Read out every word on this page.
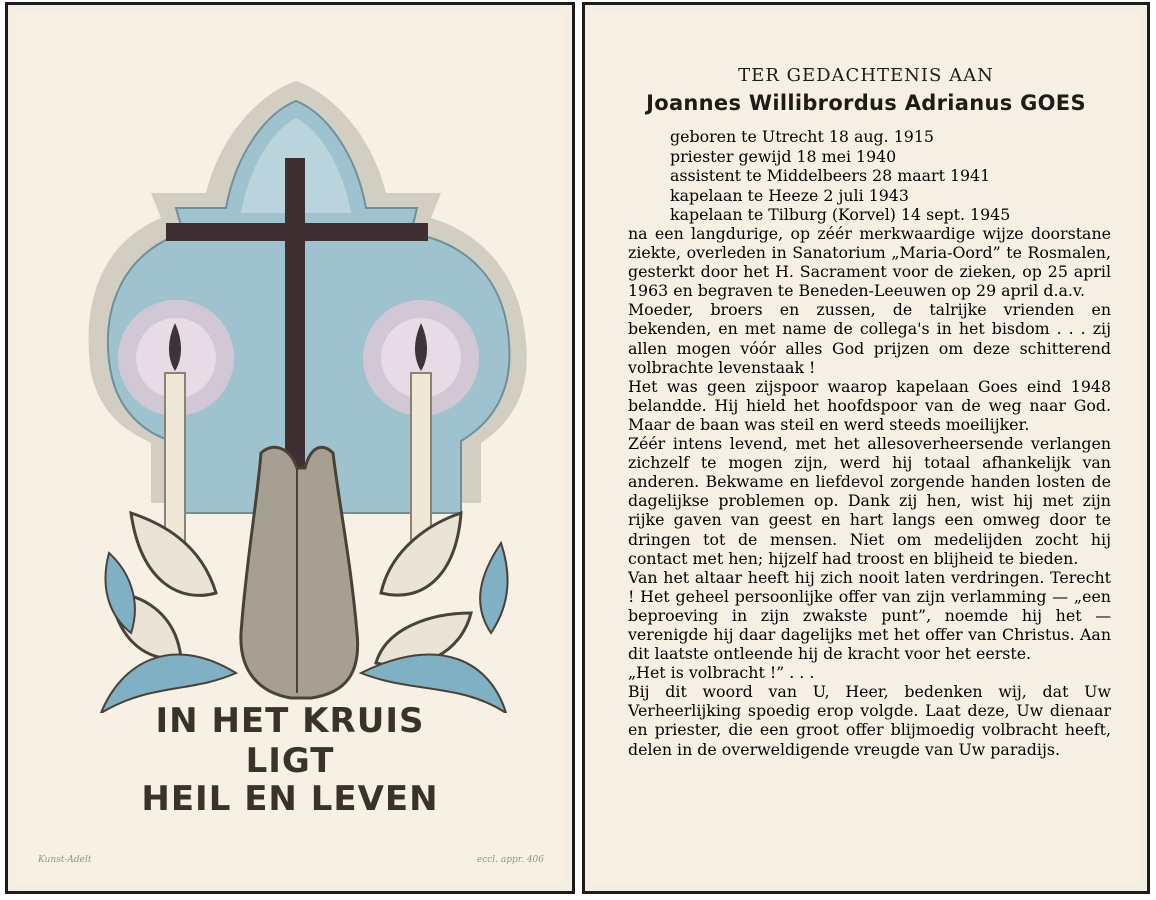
IN HET KRUIS
LIGT
HEIL EN LEVEN
Kunst-Adelt	eccl. appr. 406
TER GEDACHTENIS AAN
Joannes Willibrordus Adrianus GOES
geboren te Utrecht 18 aug. 1915
priester gewijd 18 mei 1940
assistent te Middelbeers 28 maart 1941
kapelaan te Heeze 2 juli 1943
kapelaan te Tilburg (Korvel) 14 sept. 1945

na een langdurige, op zéér merkwaardige wijze doorstane ziekte, overleden in Sanatorium „Maria-Oord” te Rosmalen, gesterkt door het H. Sacrament voor de zieken, op 25 april 1963 en begraven te Beneden-Leeuwen op 29 april d.a.v.

Moeder, broers en zussen, de talrijke vrienden en bekenden, en met name de collega's in het bisdom . . . zij allen mogen vóór alles God prijzen om deze schitterend volbrachte levenstaak !

Het was geen zijspoor waarop kapelaan Goes eind 1948 belandde. Hij hield het hoofdspoor van de weg naar God. Maar de baan was steil en werd steeds moeilijker.

Zéér intens levend, met het allesoverheersende verlangen zichzelf te mogen zijn, werd hij totaal afhankelijk van anderen. Bekwame en liefdevol zorgende handen losten de dagelijkse problemen op. Dank zij hen, wist hij met zijn rijke gaven van geest en hart langs een omweg door te dringen tot de mensen. Niet om medelijden zocht hij contact met hen; hijzelf had troost en blijheid te bieden.

Van het altaar heeft hij zich nooit laten verdringen. Terecht ! Het geheel persoonlijke offer van zijn verlamming — „een beproeving in zijn zwakste punt”, noemde hij het — verenigde hij daar dagelijks met het offer van Christus. Aan dit laatste ontleende hij de kracht voor het eerste.

„Het is volbracht !” . . .

Bij dit woord van U, Heer, bedenken wij, dat Uw Verheerlijking spoedig erop volgde. Laat deze, Uw dienaar en priester, die een groot offer blijmoedig volbracht heeft, delen in de overweldigende vreugde van Uw paradijs.
